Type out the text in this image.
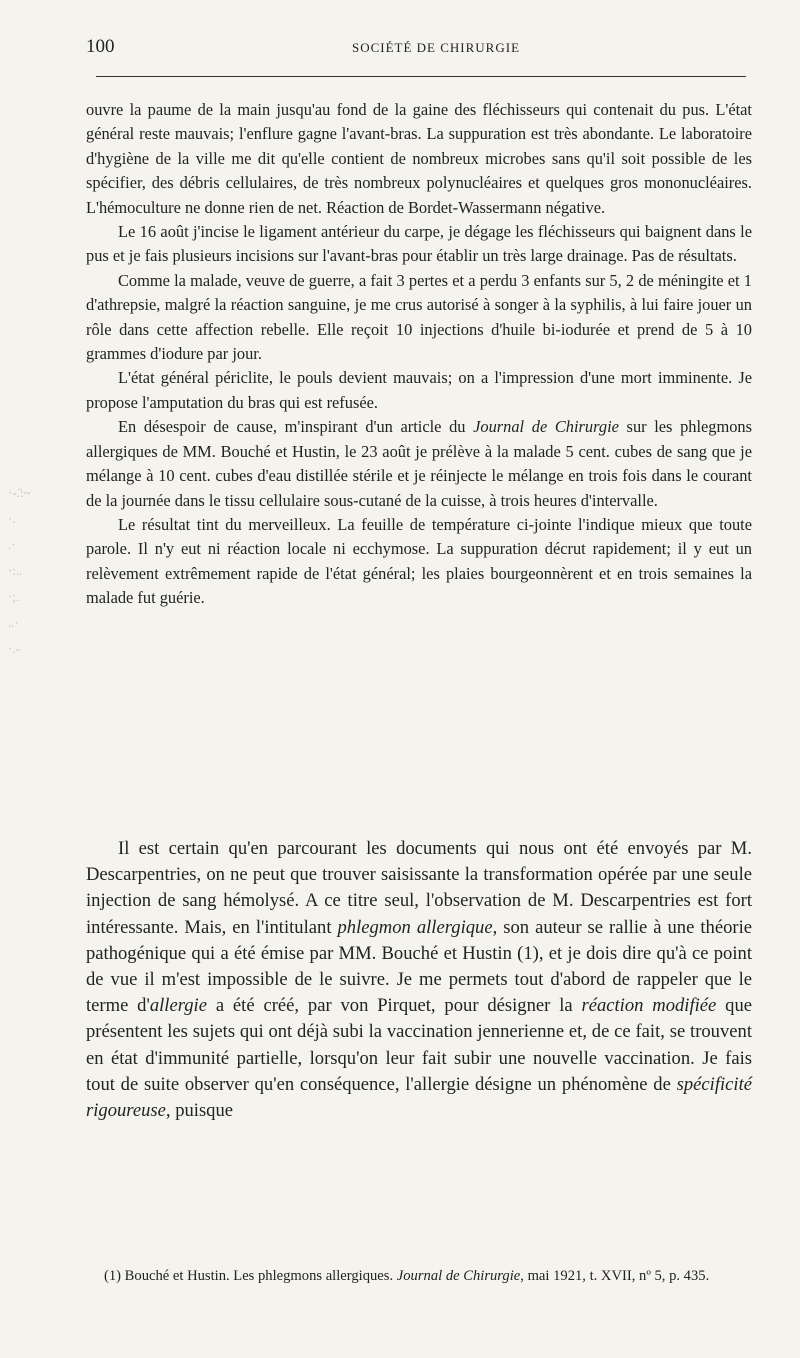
100	SOCIÉTÉ DE CHIRURGIE
·-.̈:~
·.
.·
·:..
·;.
..·
·.-

ouvre la paume de la main jusqu'au fond de la gaine des fléchisseurs qui contenait du pus. L'état général reste mauvais; l'enflure gagne l'avant-bras. La suppuration est très abondante. Le laboratoire d'hygiène de la ville me dit qu'elle contient de nombreux microbes sans qu'il soit possible de les spécifier, des débris cellulaires, de très nombreux polynucléaires et quelques gros mononucléaires. L'hémoculture ne donne rien de net. Réaction de Bordet-Wassermann négative.

Le 16 août j'incise le ligament antérieur du carpe, je dégage les fléchisseurs qui baignent dans le pus et je fais plusieurs incisions sur l'avant-bras pour établir un très large drainage. Pas de résultats.

Comme la malade, veuve de guerre, a fait 3 pertes et a perdu 3 enfants sur 5, 2 de méningite et 1 d'athrepsie, malgré la réaction sanguine, je me crus autorisé à songer à la syphilis, à lui faire jouer un rôle dans cette affection rebelle. Elle reçoit 10 injections d'huile bi-iodurée et prend de 5 à 10 grammes d'iodure par jour.

L'état général périclite, le pouls devient mauvais; on a l'impression d'une mort imminente. Je propose l'amputation du bras qui est refusée.

En désespoir de cause, m'inspirant d'un article du Journal de Chirurgie sur les phlegmons allergiques de MM. Bouché et Hustin, le 23 août je prélève à la malade 5 cent. cubes de sang que je mélange à 10 cent. cubes d'eau distillée stérile et je réinjecte le mélange en trois fois dans le courant de la journée dans le tissu cellulaire sous-cutané de la cuisse, à trois heures d'intervalle.

Le résultat tint du merveilleux. La feuille de température ci-jointe l'indique mieux que toute parole. Il n'y eut ni réaction locale ni ecchymose. La suppuration décrut rapidement; il y eut un relèvement extrêmement rapide de l'état général; les plaies bourgeonnèrent et en trois semaines la malade fut guérie.

Il est certain qu'en parcourant les documents qui nous ont été envoyés par M. Descarpentries, on ne peut que trouver saisissante la transformation opérée par une seule injection de sang hémolysé. A ce titre seul, l'observation de M. Descarpentries est fort intéressante. Mais, en l'intitulant phlegmon allergique, son auteur se rallie à une théorie pathogénique qui a été émise par MM. Bouché et Hustin (1), et je dois dire qu'à ce point de vue il m'est impossible de le suivre. Je me permets tout d'abord de rappeler que le terme d'allergie a été créé, par von Pirquet, pour désigner la réaction modifiée que présentent les sujets qui ont déjà subi la vaccination jennerienne et, de ce fait, se trouvent en état d'immunité partielle, lorsqu'on leur fait subir une nouvelle vaccination. Je fais tout de suite observer qu'en conséquence, l'allergie désigne un phénomène de spécificité rigoureuse, puisque

(1) Bouché et Hustin. Les phlegmons allergiques. Journal de Chirurgie, mai 1921, t. XVII, nº 5, p. 435.
